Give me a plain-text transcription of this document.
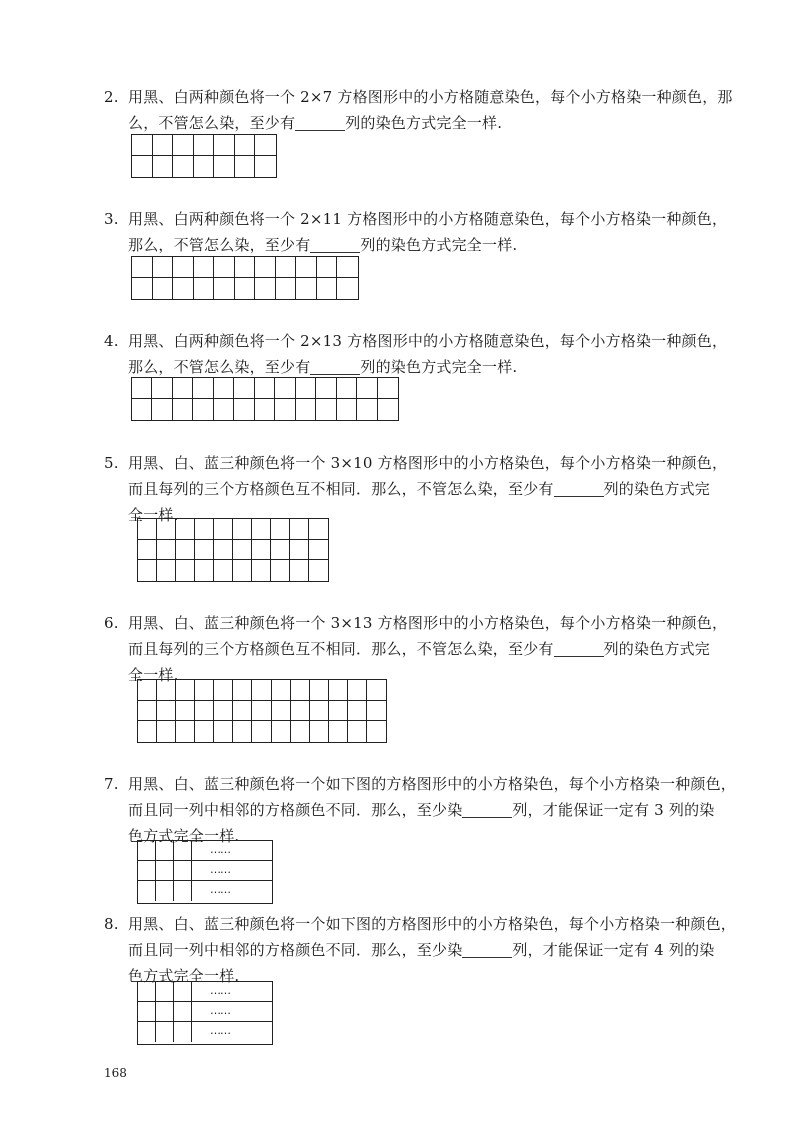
2. 用黑、白两种颜色将一个 2×7 方格图形中的小方格随意染色，每个小方格染一种颜色，那
么，不管怎么染，至少有	列的染色方式完全一样.
3. 用黑、白两种颜色将一个 2×11 方格图形中的小方格随意染色，每个小方格染一种颜色，
那么，不管怎么染，至少有	列的染色方式完全一样.
4. 用黑、白两种颜色将一个 2×13 方格图形中的小方格随意染色，每个小方格染一种颜色，
那么，不管怎么染，至少有	列的染色方式完全一样.
5. 用黑、白、蓝三种颜色将一个 3×10 方格图形中的小方格染色，每个小方格染一种颜色，
而且每列的三个方格颜色互不相同．那么，不管怎么染，至少有	列的染色方式完
全一样.
6. 用黑、白、蓝三种颜色将一个 3×13 方格图形中的小方格染色，每个小方格染一种颜色，
而且每列的三个方格颜色互不相同．那么，不管怎么染，至少有	列的染色方式完
全一样.
7. 用黑、白、蓝三种颜色将一个如下图的方格图形中的小方格染色，每个小方格染一种颜色，
而且同一列中相邻的方格颜色不同．那么，至少染	列，才能保证一定有 3 列的染
色方式完全一样.
……
……
……
8. 用黑、白、蓝三种颜色将一个如下图的方格图形中的小方格染色，每个小方格染一种颜色，
而且同一列中相邻的方格颜色不同．那么，至少染	列，才能保证一定有 4 列的染
色方式完全一样.
……
……
……
168
